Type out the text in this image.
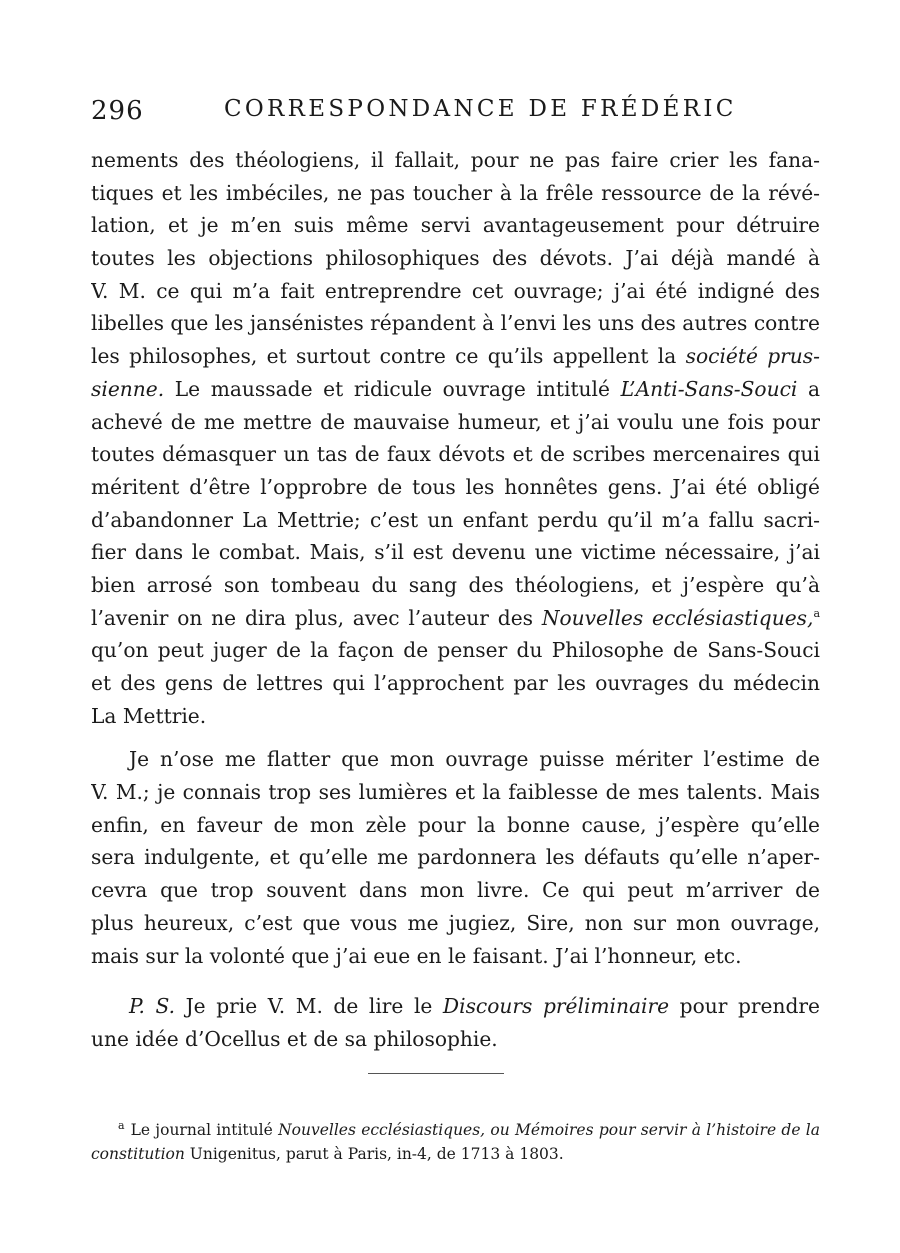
296	CORRESPONDANCE DE FRÉDÉRIC
nements des théologiens, il fallait, pour ne pas faire crier les fana-
tiques et les imbéciles, ne pas toucher à la frêle ressource de la révé-
lation, et je m’en suis même servi avantageusement pour détruire
toutes les objections philosophiques des dévots. J’ai déjà mandé à
V. M. ce qui m’a fait entreprendre cet ouvrage; j’ai été indigné des
libelles que les jansénistes répandent à l’envi les uns des autres contre
les philosophes, et surtout contre ce qu’ils appellent la société prus-
sienne. Le maussade et ridicule ouvrage intitulé L’Anti-Sans-Souci a
achevé de me mettre de mauvaise humeur, et j’ai voulu une fois pour
toutes démasquer un tas de faux dévots et de scribes mercenaires qui
méritent d’être l’opprobre de tous les honnêtes gens. J’ai été obligé
d’abandonner La Mettrie; c’est un enfant perdu qu’il m’a fallu sacri-
fier dans le combat. Mais, s’il est devenu une victime nécessaire, j’ai
bien arrosé son tombeau du sang des théologiens, et j’espère qu’à
l’avenir on ne dira plus, avec l’auteur des Nouvelles ecclésiastiques,$^a$
qu’on peut juger de la façon de penser du Philosophe de Sans-Souci
et des gens de lettres qui l’approchent par les ouvrages du médecin
La Mettrie.
Je n’ose me flatter que mon ouvrage puisse mériter l’estime de
V. M.; je connais trop ses lumières et la faiblesse de mes talents. Mais
enfin, en faveur de mon zèle pour la bonne cause, j’espère qu’elle
sera indulgente, et qu’elle me pardonnera les défauts qu’elle n’aper-
cevra que trop souvent dans mon livre. Ce qui peut m’arriver de
plus heureux, c’est que vous me jugiez, Sire, non sur mon ouvrage,
mais sur la volonté que j’ai eue en le faisant. J’ai l’honneur, etc.
P. S. Je prie V. M. de lire le Discours préliminaire pour prendre
une idée d’Ocellus et de sa philosophie.
$^a$ Le journal intitulé Nouvelles ecclésiastiques, ou Mémoires pour servir à l’histoire de la
constitution Unigenitus, parut à Paris, in-4, de 1713 à 1803.
